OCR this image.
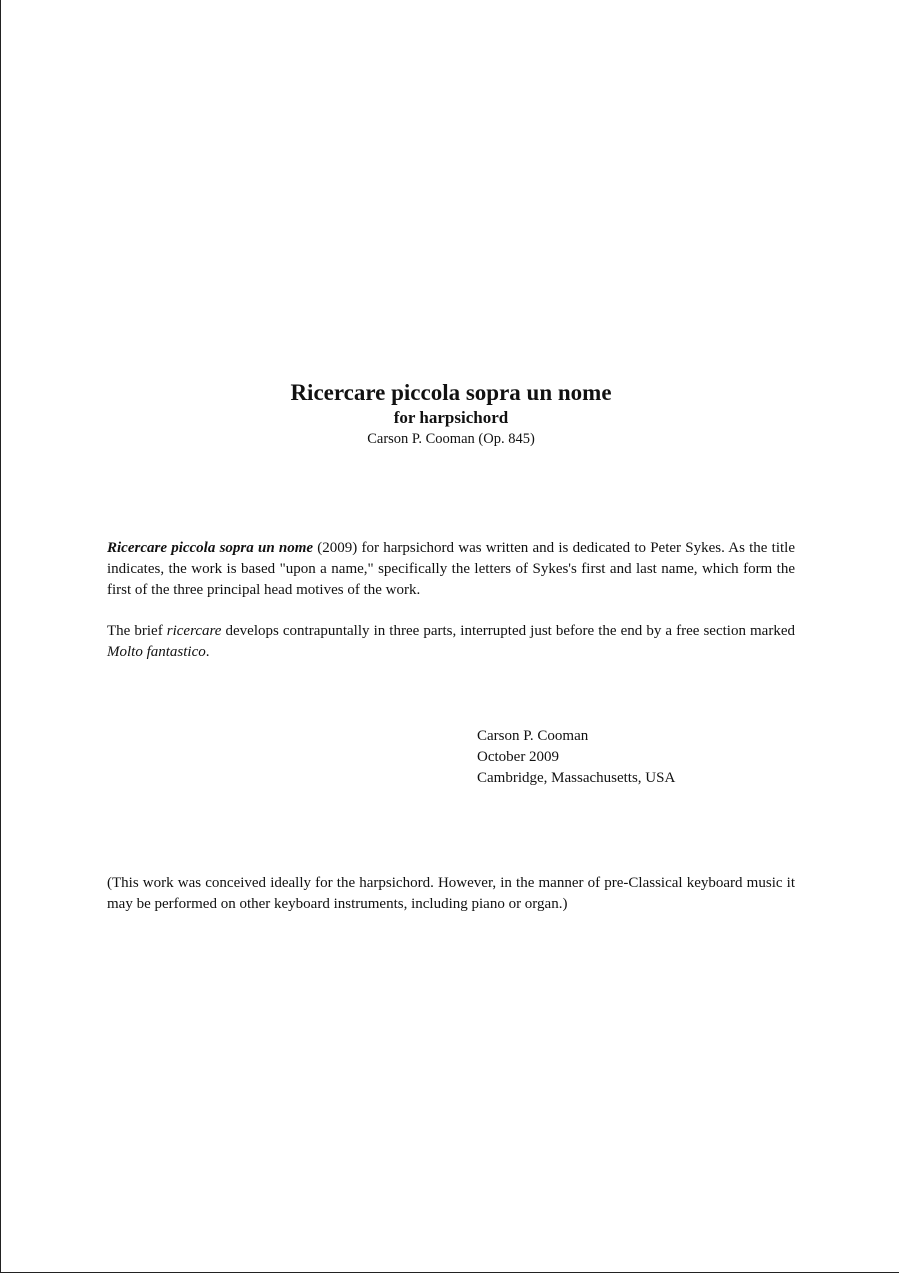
Ricercare piccola sopra un nome
for harpsichord
Carson P. Cooman (Op. 845)
Ricercare piccola sopra un nome (2009) for harpsichord was written and is dedicated to Peter Sykes. As the title indicates, the work is based "upon a name," specifically the letters of Sykes's first and last name, which form the first of the three principal head motives of the work.
The brief ricercare develops contrapuntally in three parts, interrupted just before the end by a free section marked Molto fantastico.
Carson P. Cooman
October 2009
Cambridge, Massachusetts, USA
(This work was conceived ideally for the harpsichord. However, in the manner of pre-Classical keyboard music it may be performed on other keyboard instruments, including piano or organ.)
